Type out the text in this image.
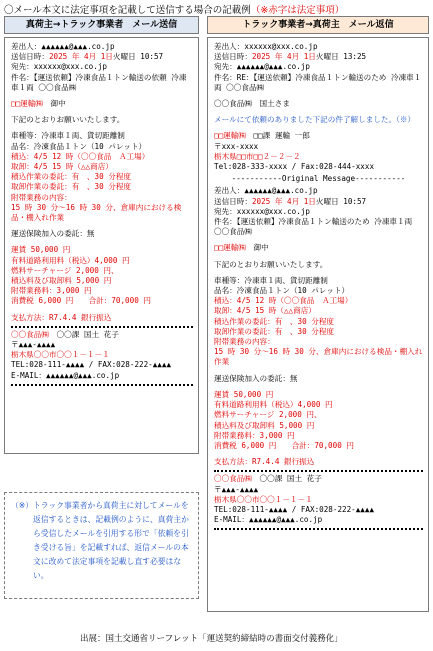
〇メール本文に法定事項を記載して送信する場合の記載例（※赤字は法定事項）
真荷主→トラック事業者　メール送信
差出人：▲▲▲▲▲▲@▲▲▲.co.jp
送信日時：2025 年 4月 1日火曜日 10:57
宛先：xxxxxx@xxx.co.jp
件名：【運送依頼】冷凍食品１トン輸送の依頼 冷凍車１両 〇〇食品㈱
□□運輸㈱　御中
下記のとおりお願いいたします。
車種等：冷凍車１両、貨切距離制
品名：冷凍食品１トン（10 パレット）
積込：4/5 12 時（〇〇食品　Ａ工場）
取卸：4/5 15 時（△△商店）
積込作業の委託：有　、30 分程度
取卸作業の委託：有　、30 分程度
附帯業務の内容：
15 時 30 分～16 時 30 分、倉庫内における検品・棚入れ作業
運送保険加入の委託：無
運賃 50,000 円
有料道路利用料（税込）4,000 円
燃料サーチャージ 2,000 円、
積込料及び取卸料 5,000 円
附帯業務料：3,000 円
消費税 6,000 円　　合計：70,000 円
支払方法：R7.4.4 銀行振込
〇〇食品㈱　〇〇課 国土 花子
〒▲▲▲-▲▲▲▲
栃木県〇〇市〇〇１－１－１
TEL:028-111-▲▲▲▲ / FAX:028-222-▲▲▲▲
E-MAIL：▲▲▲▲▲▲@▲▲▲.co.jp
トラック事業者→真荷主　メール返信
差出人：xxxxxx@xxx.co.jp
送信日時：2025 年 4月 1日火曜日 13:25
宛先：▲▲▲▲▲▲@▲▲▲.co.jp
件名：RE：【運送依頼】冷凍食品１トン輸送のため 冷凍車１両 〇〇食品㈱
〇〇食品㈱　国土さま
メールにて依頼のありました下記の件了解しました。（※）
□□運輸㈱　□□課 運輸 一郎
〒xxx-xxxx
栃木県□□市□□２－２－２
Tel:028-333-xxxx / Fax:028-444-xxxx
-----------Original Message-----------
差出人：▲▲▲▲▲▲@▲▲▲.co.jp
送信日時：2025 年 4月 1日火曜日 10:57
宛先：xxxxxx@xxx.co.jp
件名：【運送依頼】冷凍食品１トン輸送のため 冷凍車１両 〇〇食品㈱
□□運輸㈱　御中
下記のとおりお願いいたします。
車種等：冷凍車１両、貨切距離制
品名：冷凍食品１トン（10 パレット）
積込：4/5 12 時（〇〇食品　Ａ工場）
取卸：4/5 15 時（△△商店）
積込作業の委託：有　、30 分程度
取卸作業の委託：有　、30 分程度
附帯業務の内容：
15 時 30 分～16 時 30 分、倉庫内における検品・棚入れ作業
運送保険加入の委託：無
運賃 50,000 円
有料道路利用料（税込）4,000 円
燃料サーチャージ 2,000 円、
積込料及び取卸料 5,000 円
附帯業務料：3,000 円
消費税 6,000 円　　合計：70,000 円
支払方法：R7.4.4 銀行振込
〇〇食品㈱　〇〇課 国土 花子
〒▲▲▲-▲▲▲▲
栃木県〇〇市〇〇１－１－１
TEL:028-111-▲▲▲▲ / FAX:028-222-▲▲▲▲
E-MAIL：▲▲▲▲▲▲@▲▲▲.co.jp
（※） トラック事業者から真荷主に対してメールを返信するときは、記載例のように、真荷主から受信したメールを引用する形で「依頼を引き受ける旨」を記載すれば、返信メールの本文に改めて法定事項を記載し直す必要はない。
出展：国土交通省リーフレット「運送契約締結時の書面交付義務化」
